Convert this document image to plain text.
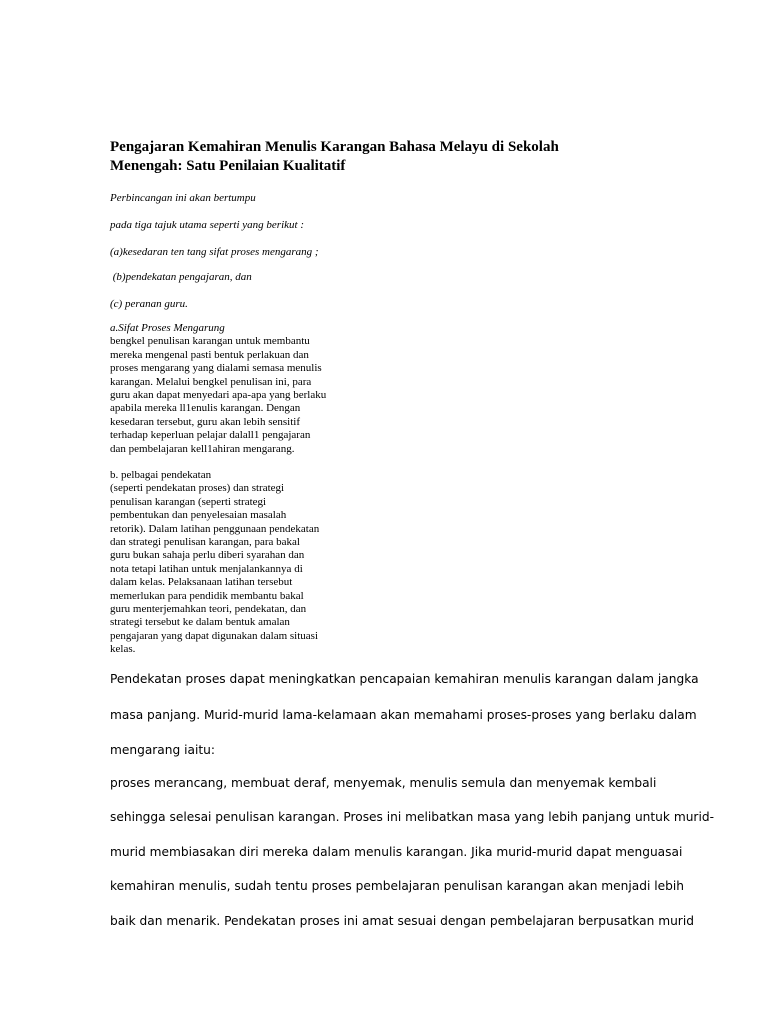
Pengajaran Kemahiran Menulis Karangan Bahasa Melayu di Sekolah
Menengah: Satu Penilaian Kualitatif

Perbincangan ini akan bertumpu

pada tiga tajuk utama seperti yang berikut :

(a)kesedaran ten tang sifat proses mengarang ;

(b)pendekatan pengajaran, dan

(c) peranan guru.

a.Sifat Proses Mengarung
bengkel penulisan karangan untuk membantu
mereka mengenal pasti bentuk perlakuan dan
proses mengarang yang dialami semasa menulis
karangan. Melalui bengkel penulisan ini, para
guru akan dapat menyedari apa-apa yang berlaku
apabila mereka ll1enulis karangan. Dengan
kesedaran tersebut, guru akan lebih sensitif
terhadap keperluan pelajar dalall1 pengajaran
dan pembelajaran kell1ahiran mengarang.
b. pelbagai pendekatan
(seperti pendekatan proses) dan strategi
penulisan karangan (seperti strategi
pembentukan dan penyelesaian masalah
retorik). Dalam latihan penggunaan pendekatan
dan strategi penulisan karangan, para bakal
guru bukan sahaja perlu diberi syarahan dan
nota tetapi latihan untuk menjalankannya di
dalam kelas. Pelaksanaan latihan tersebut
memerlukan para pendidik membantu bakal
guru menterjemahkan teori, pendekatan, dan
strategi tersebut ke dalam bentuk amalan
pengajaran yang dapat digunakan dalam situasi
kelas.
Pendekatan proses dapat meningkatkan pencapaian kemahiran menulis karangan dalam jangka
masa panjang. Murid-murid lama-kelamaan akan memahami proses-proses yang berlaku dalam
mengarang iaitu:
proses merancang, membuat deraf, menyemak, menulis semula dan menyemak kembali
sehingga selesai penulisan karangan. Proses ini melibatkan masa yang lebih panjang untuk murid-
murid membiasakan diri mereka dalam menulis karangan. Jika murid-murid dapat menguasai
kemahiran menulis, sudah tentu proses pembelajaran penulisan karangan akan menjadi lebih
baik dan menarik. Pendekatan proses ini amat sesuai dengan pembelajaran berpusatkan murid
